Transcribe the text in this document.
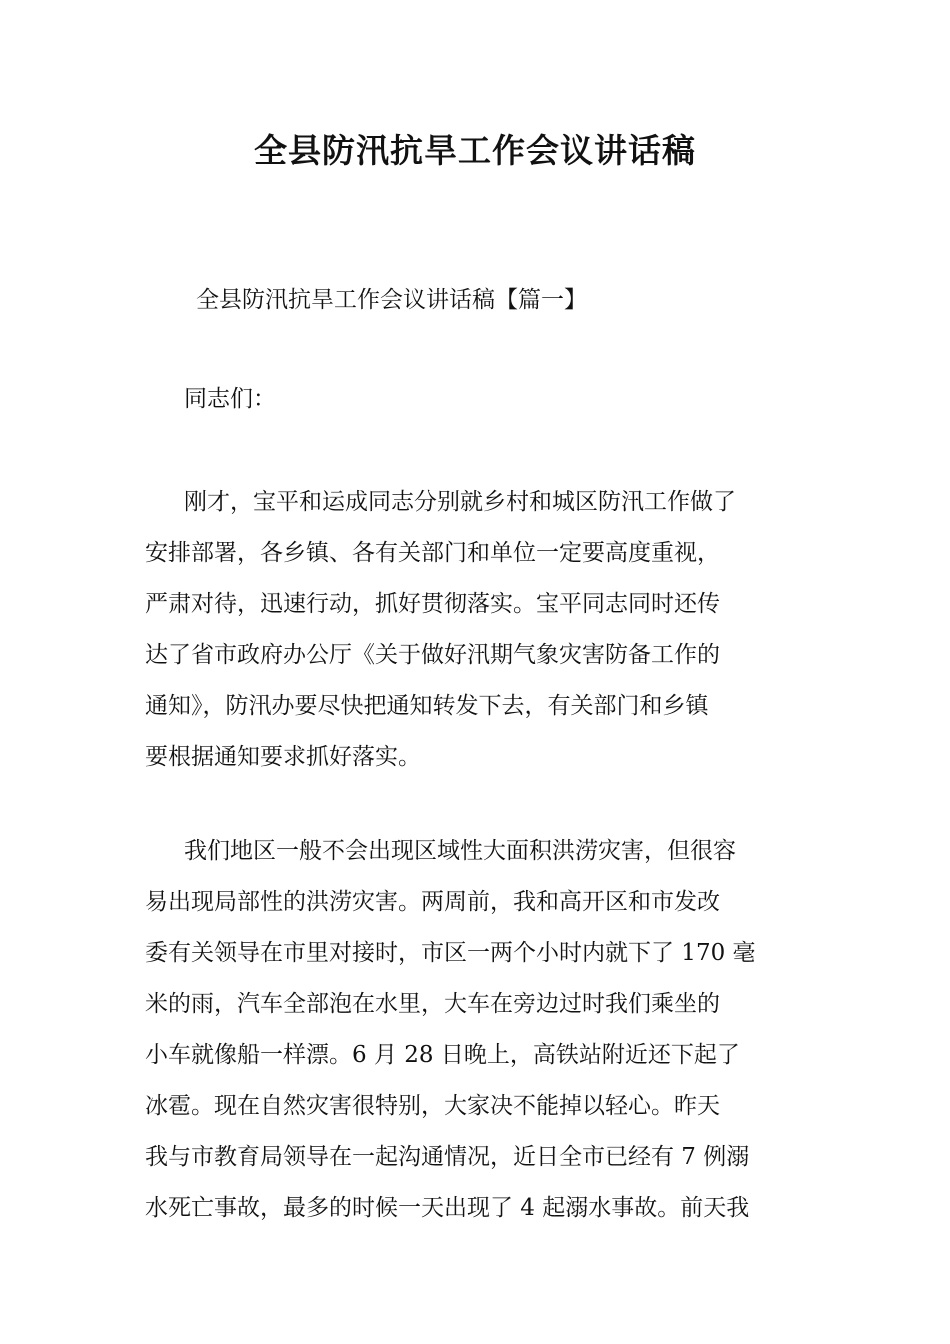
全县防汛抗旱工作会议讲话稿

全县防汛抗旱工作会议讲话稿【篇一】

同志们：

刚才，宝平和运成同志分别就乡村和城区防汛工作做了
安排部署，各乡镇、各有关部门和单位一定要高度重视，
严肃对待，迅速行动，抓好贯彻落实。宝平同志同时还传
达了省市政府办公厅《关于做好汛期气象灾害防备工作的
通知》，防汛办要尽快把通知转发下去，有关部门和乡镇
要根据通知要求抓好落实。
我们地区一般不会出现区域性大面积洪涝灾害，但很容
易出现局部性的洪涝灾害。两周前，我和高开区和市发改
委有关领导在市里对接时，市区一两个小时内就下了 170 毫
米的雨，汽车全部泡在水里，大车在旁边过时我们乘坐的
小车就像船一样漂。6 月 28 日晚上，高铁站附近还下起了
冰雹。现在自然灾害很特别，大家决不能掉以轻心。昨天
我与市教育局领导在一起沟通情况，近日全市已经有 7 例溺
水死亡事故，最多的时候一天出现了 4 起溺水事故。前天我
